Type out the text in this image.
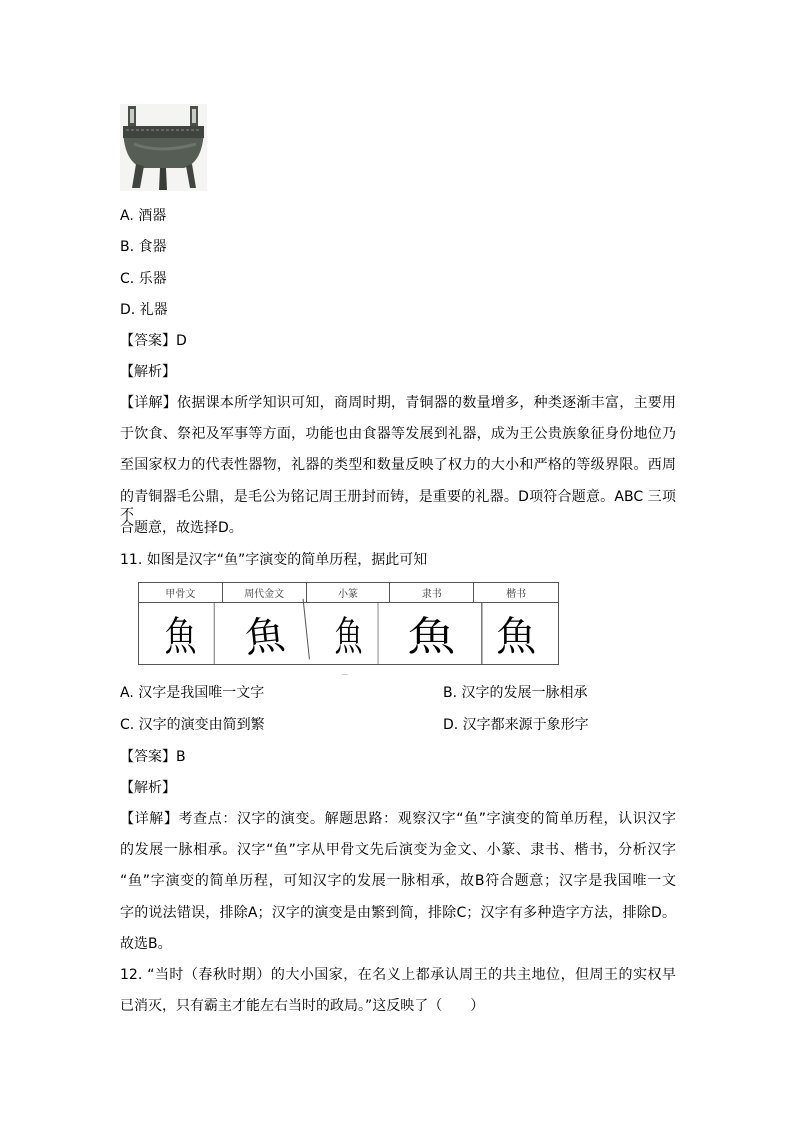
A. 酒器
B. 食器
C. 乐器
D. 礼器
【答案】D
【解析】
【详解】依据课本所学知识可知，商周时期，青铜器的数量增多，种类逐渐丰富，主要用
于饮食、祭祀及军事等方面，功能也由食器等发展到礼器，成为王公贵族象征身份地位乃
至国家权力的代表性器物，礼器的类型和数量反映了权力的大小和严格的等级界限。西周
的青铜器毛公鼎，是毛公为铭记周王册封而铸，是重要的礼器。D项符合题意。ABC 三项不
合题意，故选择D。
11. 如图是汉字“鱼”字演变的简单历程，据此可知
甲骨文	周代金文	小篆	隶书	楷书
魚	魚	魚	魚	魚
A. 汉字是我国唯一文字	B. 汉字的发展一脉相承
C. 汉字的演变由简到繁	D. 汉字都来源于象形字
【答案】B
【解析】
【详解】考查点：汉字的演变。解题思路：观察汉字“鱼”字演变的简单历程，认识汉字
的发展一脉相承。汉字“鱼”字从甲骨文先后演变为金文、小篆、隶书、楷书，分析汉字
“鱼”字演变的简单历程，可知汉字的发展一脉相承，故B符合题意；汉字是我国唯一文
字的说法错误，排除A；汉字的演变是由繁到简，排除C；汉字有多种造字方法，排除D。
故选B。
12. “当时（春秋时期）的大小国家，在名义上都承认周王的共主地位，但周王的实权早
已消灭，只有霸主才能左右当时的政局。”这反映了（　　）
